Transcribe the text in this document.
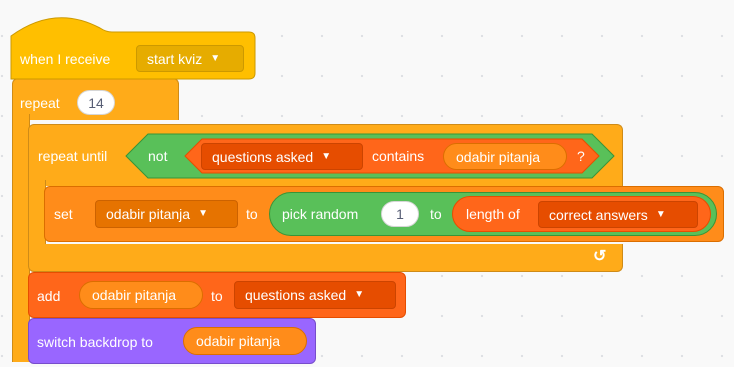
repeat	14
repeat until
↺
not	questions asked ▼	contains	odabir pitanja	?
set odabir pitanja ▼	to pick random	1	to length of correct answers ▼
add	odabir pitanja	to questions asked ▼
switch backdrop to	odabir pitanja
when I receive	start kviz ▼
